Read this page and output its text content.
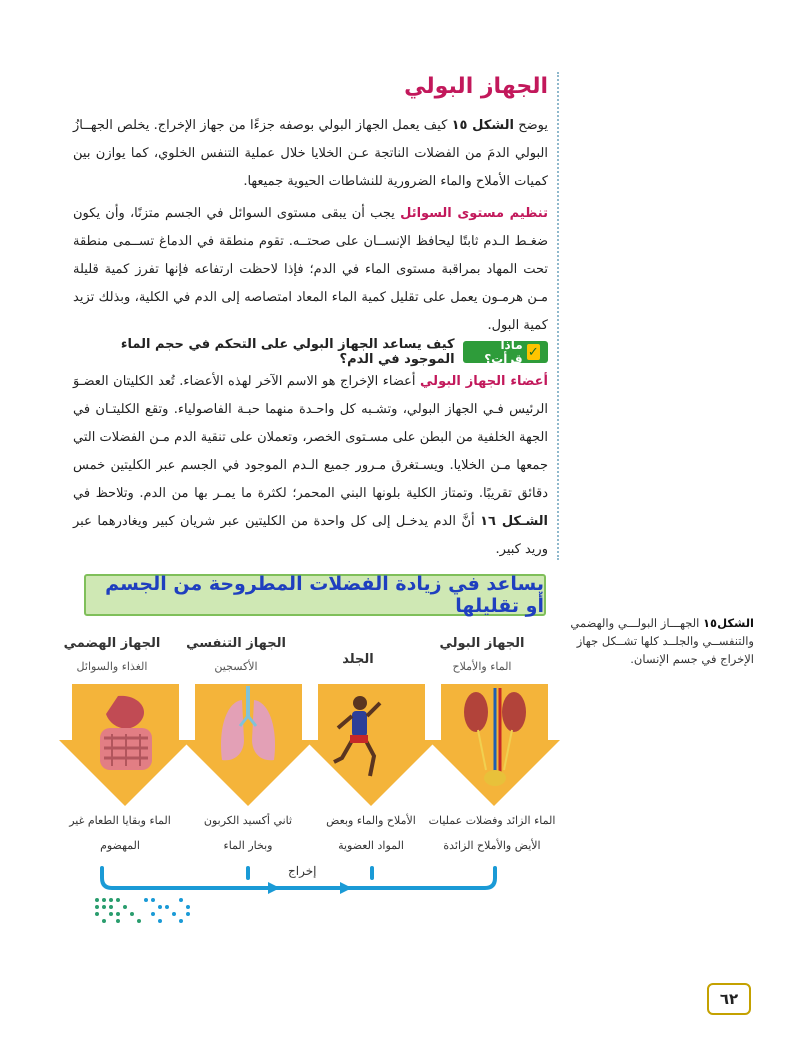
الجهاز البولي
يوضح الشكل ١٥ كيف يعمل الجهاز البولي بوصفه جزءًا من جهاز الإخراج. يخلص الجهــازُ البولي الدمَ من الفضلات الناتجة عـن الخلايا خلال عملية التنفس الخلوي، كما يوازن بين كميات الأملاح والماء الضرورية للنشاطات الحيوية جميعها.
تنظيم مستوى السوائل يجب أن يبقى مستوى السوائل في الجسم متزنًا، وأن يكون ضغـط الـدم ثابتًا ليحافظ الإنســان على صحتــه. تقوم منطقة في الدماغ تســمى منطقة تحت المهاد بمراقبة مستوى الماء في الدم؛ فإذا لاحظت ارتفاعه فإنها تفرز كمية قليلة مـن هرمـون يعمل على تقليل كمية الماء المعاد امتصاصه إلى الدم في الكلية، وبذلك تزيد كمية البول.
✓
ماذا قرأت؟
كيف يساعد الجهاز البولي على التحكم في حجم الماء الموجود في الدم؟
أعضاء الجهاز البولي أعضاء الإخراج هو الاسم الآخر لهذه الأعضاء. تُعد الكليتان العضـوَ الرئيس فـي الجهاز البولي، وتشـبه كل واحـدة منهما حبـة الفاصولياء. وتقع الكليتـان في الجهة الخلفية من البطن على مسـتوى الخصر، وتعملان على تنقية الدم مـن الفضلات التي جمعها مـن الخلايا. ويسـتغرق مـرور جميع الـدم الموجود في الجسم عبر الكليتين خمس دقائق تقريبًا. وتمتاز الكلية بلونها البني المحمر؛ لكثرة ما يمـر بها من الدم. وتلاحظ في الشـكل ١٦ أنَّ الدم يدخـل إلى كل واحدة من الكليتين عبر شريان كبير ويغادرهما عبر وريد كبير.
يساعد في زيادة الفضلات المطروحة من الجسم أو تقليلها
الشكل١٥ الجهـــاز البولـــي والهضمي والتنفســي والجلــد كلها تشــكل جهاز الإخراج في جسم الإنسان.
الجهاز البولي
الجلد
الجهاز التنفسي
الجهاز الهضمي
الماء والأملاح
الأكسجين
الغذاء والسوائل
إخراج
الماء الزائد وفضلات عمليات
الأيض والأملاح الزائدة
الأملاح والماء وبعض
المواد العضوية
ثاني أكسيد الكربون
وبخار الماء
الماء وبقايا الطعام غير
المهضوم
٦٢
